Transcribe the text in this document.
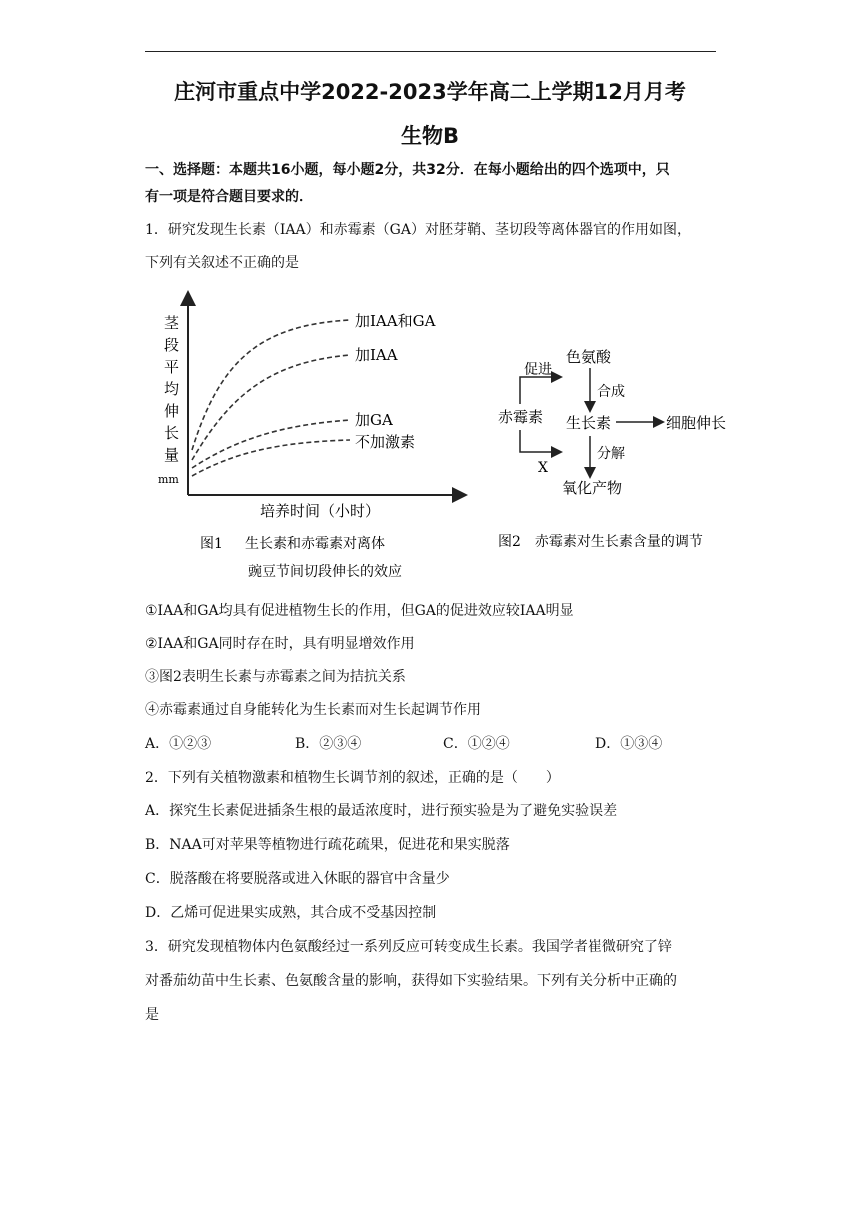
庄河市重点中学2022-2023学年高二上学期12月月考
生物B
一、选择题：本题共16小题，每小题2分，共32分．在每小题给出的四个选项中，只
有一项是符合题目要求的．
1．研究发现生长素（IAA）和赤霉素（GA）对胚芽鞘、茎切段等离体器官的作用如图，
下列有关叙述不正确的是
茎
段
平
均
伸
长
量
mm
培养时间（小时）
加IAA和GA
加IAA
加GA
不加激素
图1 生长素和赤霉素对离体
豌豆节间切段伸长的效应
色氨酸
促进
赤霉素 生长素	细胞伸长
合成
分解
X
氧化产物
图2　赤霉素对生长素含量的调节
①IAA和GA均具有促进植物生长的作用，但GA的促进效应较IAA明显
②IAA和GA同时存在时，具有明显增效作用
③图2表明生长素与赤霉素之间为拮抗关系
④赤霉素通过自身能转化为生长素而对生长起调节作用
A．①②③	B．②③④	C．①②④	D．①③④
2．下列有关植物激素和植物生长调节剂的叙述，正确的是（　　）
A．探究生长素促进插条生根的最适浓度时，进行预实验是为了避免实验误差
B．NAA可对苹果等植物进行疏花疏果，促进花和果实脱落
C．脱落酸在将要脱落或进入休眠的器官中含量少
D．乙烯可促进果实成熟，其合成不受基因控制
3．研究发现植物体内色氨酸经过一系列反应可转变成生长素。我国学者崔微研究了锌
对番茄幼苗中生长素、色氨酸含量的影响，获得如下实验结果。下列有关分析中正确的
是
